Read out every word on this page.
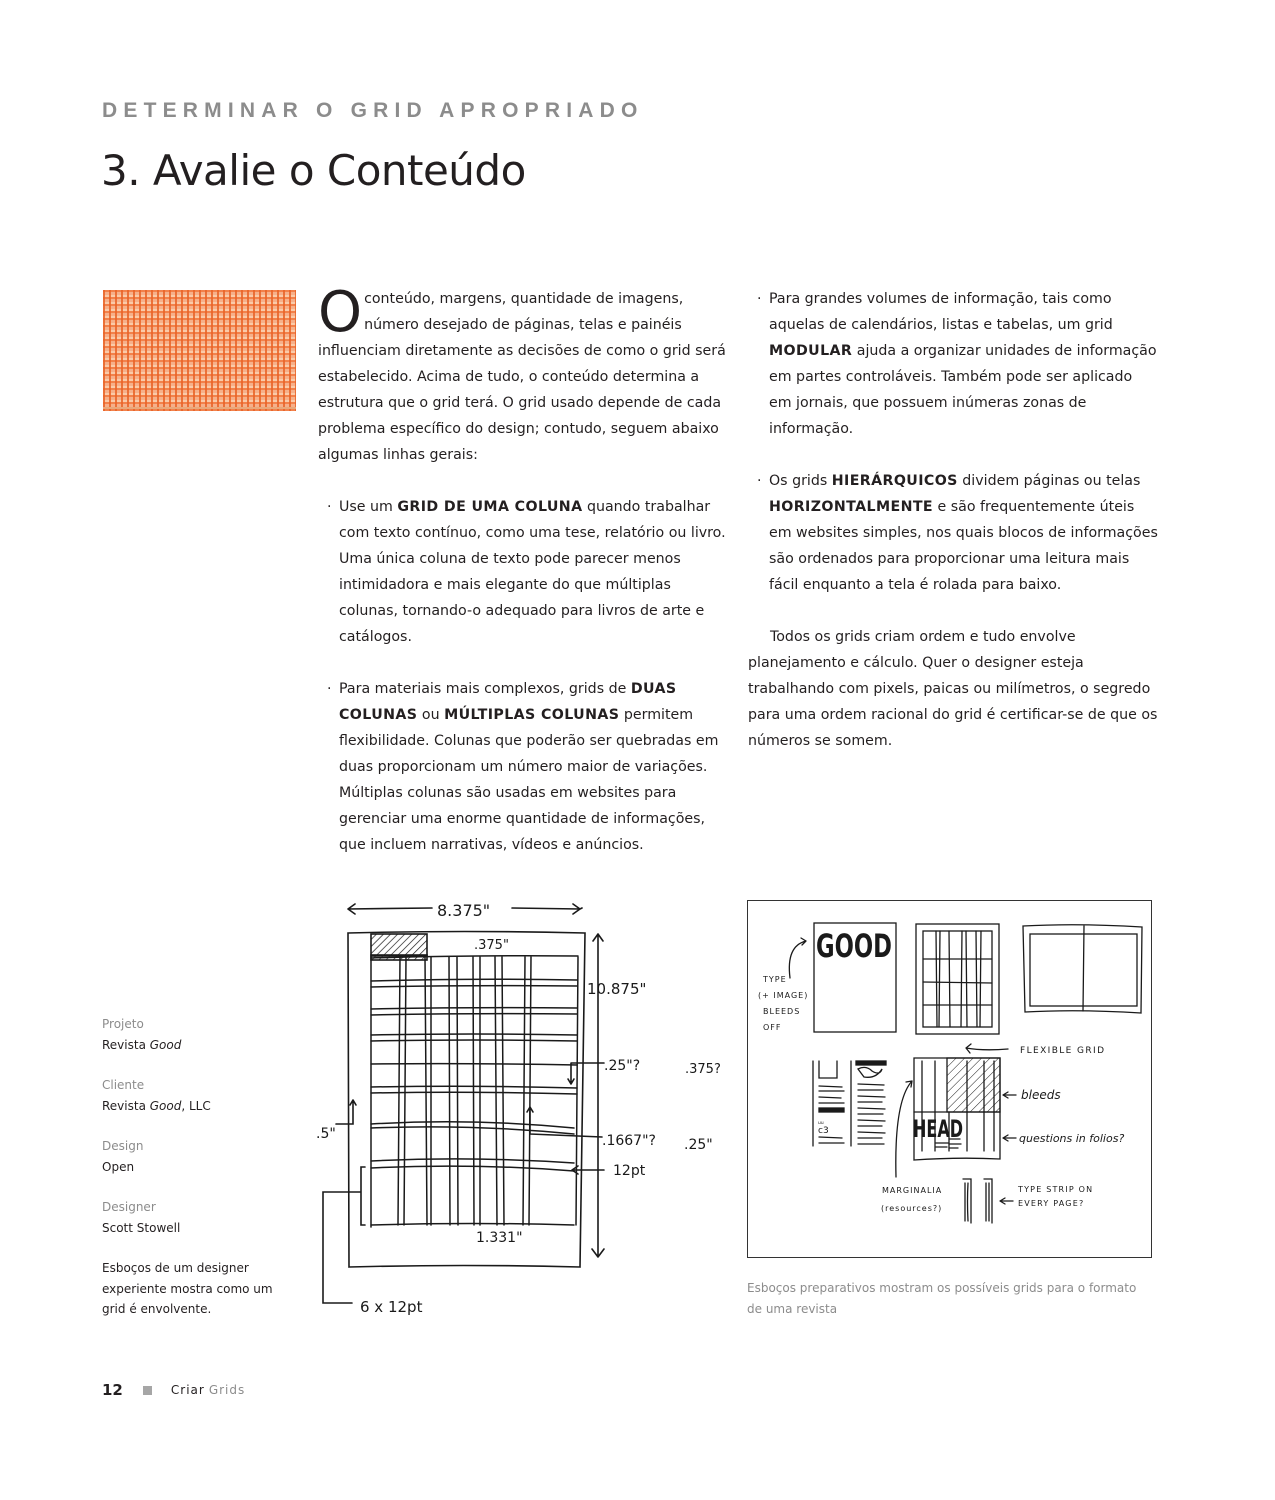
DETERMINAR O GRID APROPRIADO
3. Avalie o Conteúdo

Oconteúdo, margens, quantidade de imagens, número desejado de páginas, telas e painéis influenciam diretamente as decisões de como o grid será estabelecido. Acima de tudo, o conteúdo determina a estrutura que o grid terá. O grid usado depende de cada problema específico do design; contudo, seguem abaixo algumas linhas gerais:

· Use um GRID DE UMA COLUNA quando trabalhar com texto contínuo, como uma tese, relatório ou livro. Uma única coluna de texto pode parecer menos intimidadora e mais elegante do que múltiplas colunas, tornando-o adequado para livros de arte e catálogos.

· Para materiais mais complexos, grids de DUAS COLUNAS ou MÚLTIPLAS COLUNAS permitem flexibilidade. Colunas que poderão ser quebradas em duas proporcionam um número maior de variações. Múltiplas colunas são usadas em websites para gerenciar uma enorme quantidade de informações, que incluem narrativas, vídeos e anúncios.

· Para grandes volumes de informação, tais como aquelas de calendários, listas e tabelas, um grid MODULAR ajuda a organizar unidades de informação em partes controláveis. Também pode ser aplicado em jornais, que possuem inúmeras zonas de informação.

· Os grids HIERÁRQUICOS dividem páginas ou telas HORIZONTALMENTE e são frequentemente úteis em websites simples, nos quais blocos de informações são ordenados para proporcionar uma leitura mais fácil enquanto a tela é rolada para baixo.

Todos os grids criam ordem e tudo envolve planejamento e cálculo. Quer o designer esteja trabalhando com pixels, paicas ou milímetros, o segredo para uma ordem racional do grid é certificar-se de que os números se somem.

Projeto
Revista Good
Cliente
Revista Good, LLC
Design
Open
Designer
Scott Stowell
Esboços de um designer experiente mostra como um grid é envolvente.
8.375"
.375"
10.875"
.25"?	.375?
.5"	.1667"? .25"
12pt
1.331"
6 x 12pt
GOOD
TYPE
(+ IMAGE)
BLEEDS
OFF
FLEXIBLE GRID
ᵤᵤ
c3	HEAD
bleeds
questions in folios?
MARGINALIA
(resources?)
TYPE STRIP ON
EVERY PAGE?
Esboços preparativos mostram os possíveis grids para o formato de uma revista
12	Criar Grids
